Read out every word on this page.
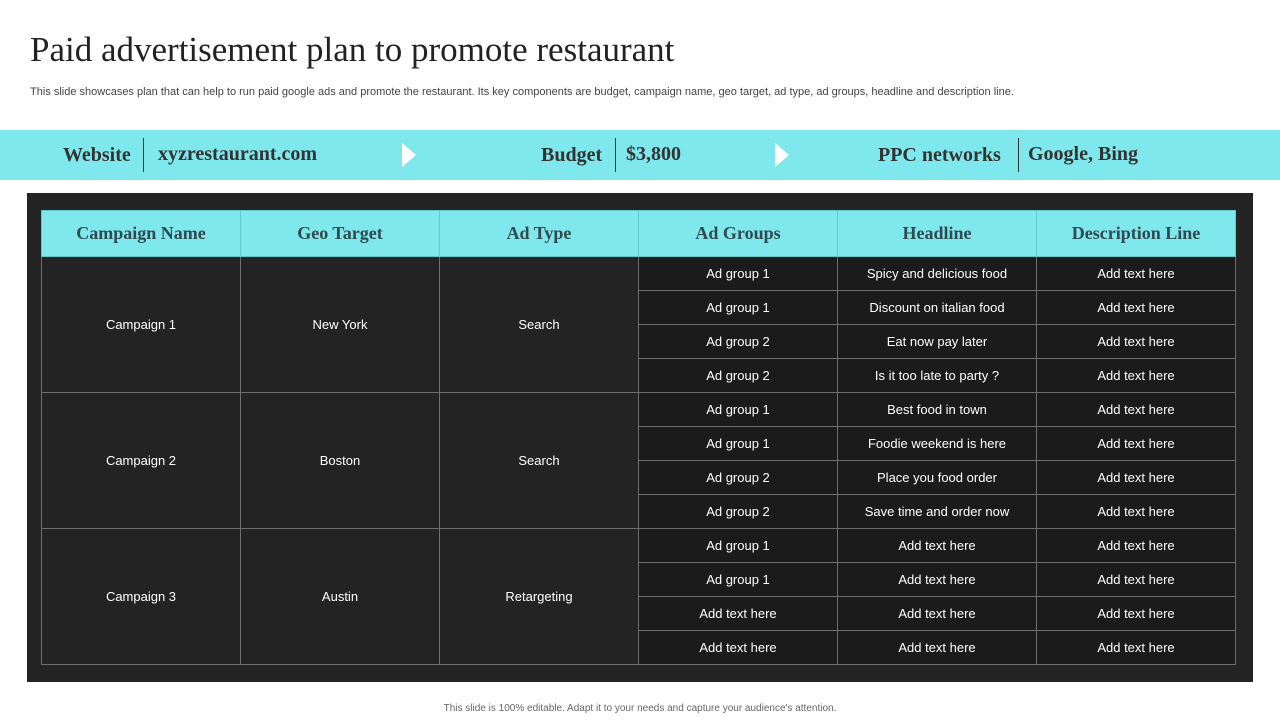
Paid advertisement plan to promote restaurant
This slide showcases plan that can help to run paid google ads and promote the restaurant. Its key components are budget, campaign name, geo target, ad type, ad groups, headline and description line.
Website xyzrestaurant.com	Budget $3,800	PPC networks Google, Bing
Campaign Name	Geo Target	Ad Type	Ad Groups	Headline	Description Line
Campaign 1	New York	Search	Ad group 1	Spicy and delicious food	Add text here
			Ad group 1	Discount on italian food	Add text here
			Ad group 2	Eat now pay later	Add text here
			Ad group 2	Is it too late to party ?	Add text here
Campaign 2	Boston	Search	Ad group 1	Best food in town	Add text here
			Ad group 1	Foodie weekend is here	Add text here
			Ad group 2	Place you food order	Add text here
			Ad group 2	Save time and order now	Add text here
Campaign 3	Austin	Retargeting	Ad group 1	Add text here	Add text here
			Ad group 1	Add text here	Add text here
			Add text here	Add text here	Add text here
			Add text here	Add text here	Add text here
This slide is 100% editable. Adapt it to your needs and capture your audience's attention.
